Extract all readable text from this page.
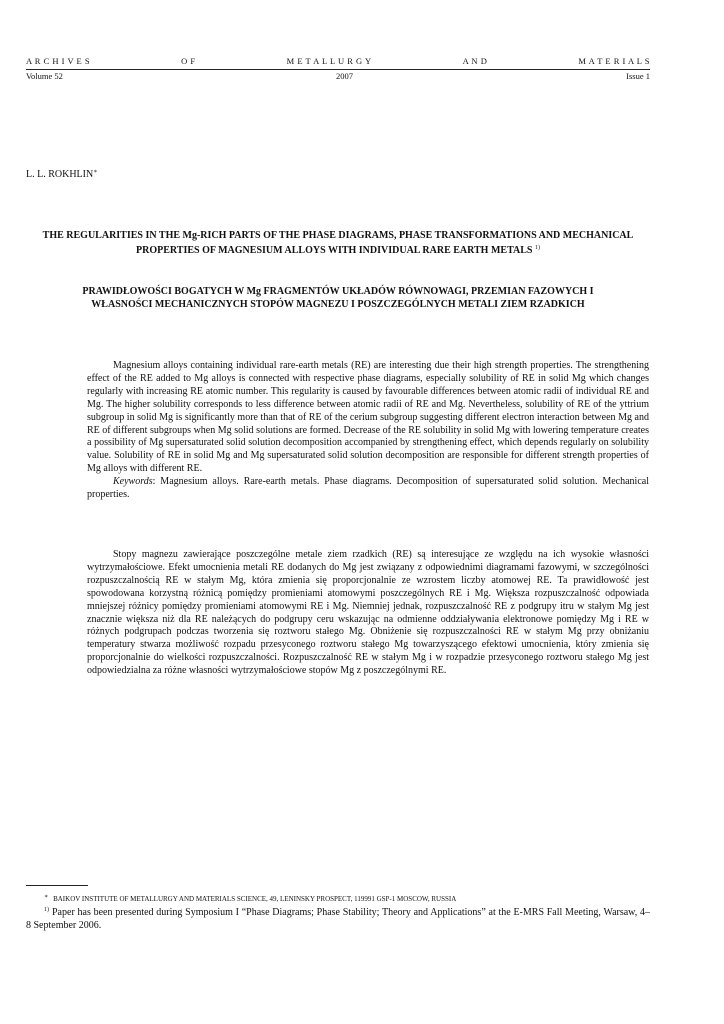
A R C H I V E S	O F	M E T A L L U R G Y	A N D	M A T E R I A L S
Volume 52	2007	Issue 1
L. L. ROKHLIN∗
THE REGULARITIES IN THE Mg-RICH PARTS OF THE PHASE DIAGRAMS, PHASE TRANSFORMATIONS AND MECHANICAL PROPERTIES OF MAGNESIUM ALLOYS WITH INDIVIDUAL RARE EARTH METALS $^{1)}$
PRAWIDŁOWOŚCI BOGATYCH W Mg FRAGMENTÓW UKŁADÓW RÓWNOWAGI, PRZEMIAN FAZOWYCH I WŁASNOŚCI MECHANICZNYCH STOPÓW MAGNEZU I POSZCZEGÓLNYCH METALI ZIEM RZADKICH

Magnesium alloys containing individual rare-earth metals (RE) are interesting due their high strength properties. The strengthening effect of the RE added to Mg alloys is connected with respective phase diagrams, especially solubility of RE in solid Mg which changes regularly with increasing RE atomic number. This regularity is caused by favourable differences between atomic radii of individual RE and Mg. The higher solubility corresponds to less difference between atomic radii of RE and Mg. Nevertheless, solubility of RE of the yttrium subgroup in solid Mg is significantly more than that of RE of the cerium subgroup suggesting different electron interaction between Mg and RE of different subgroups when Mg solid solutions are formed. Decrease of the RE solubility in solid Mg with lowering temperature creates a possibility of Mg supersaturated solid solution decomposition accompanied by strengthening effect, which depends regularly on solubility value. Solubility of RE in solid Mg and Mg supersaturated solid solution decomposition are responsible for different strength properties of Mg alloys with different RE.

Keywords: Magnesium alloys. Rare-earth metals. Phase diagrams. Decomposition of supersaturated solid solution. Mechanical properties.

Stopy magnezu zawierające poszczególne metale ziem rzadkich (RE) są interesujące ze względu na ich wysokie własności wytrzymałościowe. Efekt umocnienia metali RE dodanych do Mg jest związany z odpowiednimi diagramami fazowymi, w szczególności rozpuszczalnością RE w stałym Mg, która zmienia się proporcjonalnie ze wzrostem liczby atomowej RE. Ta prawidłowość jest spowodowana korzystną różnicą pomiędzy promieniami atomowymi poszczególnych RE i Mg. Większa rozpuszczalność odpowiada mniejszej różnicy pomiędzy promieniami atomowymi RE i Mg. Niemniej jednak, rozpuszczalność RE z podgrupy itru w stałym Mg jest znacznie większa niż dla RE należących do podgrupy ceru wskazując na odmienne oddziaływania elektronowe pomiędzy Mg i RE w różnych podgrupach podczas tworzenia się roztworu stałego Mg. Obniżenie się rozpuszczalności RE w stałym Mg przy obniżaniu temperatury stwarza możliwość rozpadu przesyconego roztworu stałego Mg towarzyszącego efektowi umocnienia, który zmienia się proporcjonalnie do wielkości rozpuszczalności. Rozpuszczalność RE w stałym Mg i w rozpadzie przesyconego roztworu stałego Mg jest odpowiedzialna za różne własności wytrzymałościowe stopów Mg z poszczególnymi RE.

∗ BAIKOV INSTITUTE OF METALLURGY AND MATERIALS SCIENCE, 49, LENINSKY PROSPECT, 119991 GSP-1 MOSCOW, RUSSIA
$^{1)}$ Paper has been presented during Symposium I “Phase Diagrams; Phase Stability; Theory and Applications” at the E-MRS Fall Meeting, Warsaw, 4–8 September 2006.
